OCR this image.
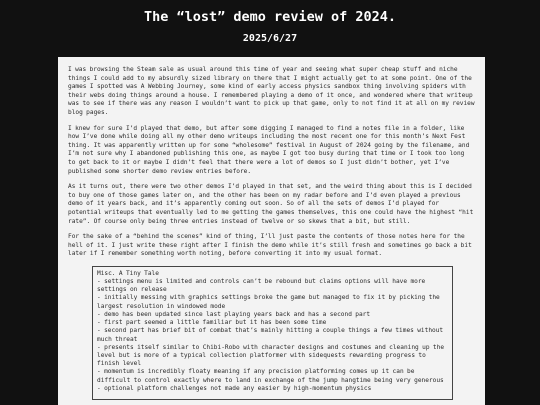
The “lost” demo review of 2024.
2025/6/27

I was browsing the Steam sale as usual around this time of year and seeing what super cheap stuff and niche things I could add to my absurdly sized library on there that I might actually get to at some point. One of the games I spotted was A Webbing Journey, some kind of early access physics sandbox thing involving spiders with their webs doing things around a house. I remembered playing a demo of it once, and wondered where that writeup was to see if there was any reason I wouldn’t want to pick up that game, only to not find it at all on my review blog pages.

I knew for sure I’d played that demo, but after some digging I managed to find a notes file in a folder, like how I’ve done while doing all my other demo writeups including the most recent one for this month’s Next Fest thing. It was apparently written up for some “wholesome” festival in August of 2024 going by the filename, and I’m not sure why I abandoned publishing this one, as maybe I got too busy during that time or I took too long to get back to it or maybe I didn’t feel that there were a lot of demos so I just didn’t bother, yet I’ve published some shorter demo review entries before.

As it turns out, there were two other demos I’d played in that set, and the weird thing about this is I decided to buy one of those games later on, and the other has been on my radar before and I’d even played a previous demo of it years back, and it’s apparently coming out soon. So of all the sets of demos I’d played for potential writeups that eventually led to me getting the games themselves, this one could have the highest “hit rate”. Of course only being three entries instead of twelve or so skews that a bit, but still.

For the sake of a “behind the scenes” kind of thing, I’ll just paste the contents of those notes here for the hell of it. I just write these right after I finish the demo while it’s still fresh and sometimes go back a bit later if I remember something worth noting, before converting it into my usual format.

Misc. A Tiny Tale
- settings menu is limited and controls can’t be rebound but claims options will have more settings on release
- initially messing with graphics settings broke the game but managed to fix it by picking the largest resolution in windowed mode
- demo has been updated since last playing years back and has a second part
- first part seemed a little familiar but it has been some time
- second part has brief bit of combat that’s mainly hitting a couple things a few times without much threat
- presents itself similar to Chibi-Robo with character designs and costumes and cleaning up the level but is more of a typical collection platformer with sidequests rewarding progress to finish level
- momentum is incredibly floaty meaning if any precision platforming comes up it can be difficult to control exactly where to land in exchange of the jump hangtime being very generous
- optional platform challenges not made any easier by high-momentum physics
